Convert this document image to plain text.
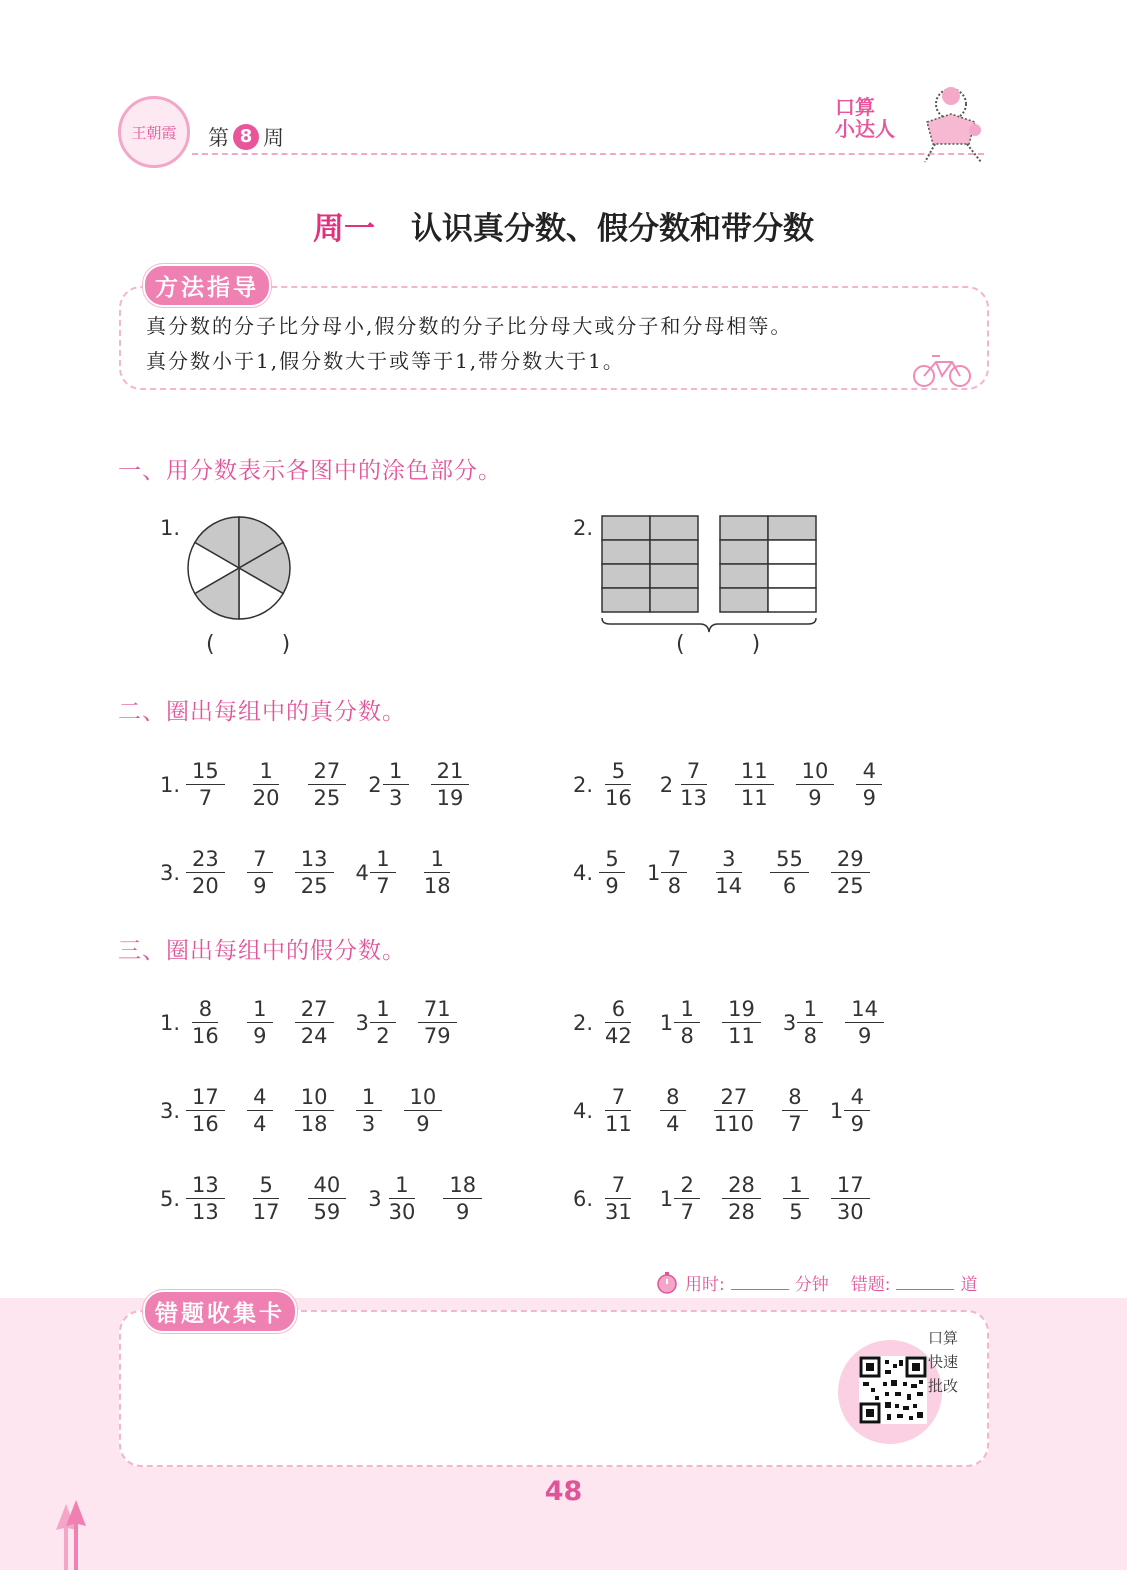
王朝霞 第 8 周
口算
小达人
周一 认识真分数、假分数和带分数
方法指导
真分数的分子比分母小,假分数的分子比分母大或分子和分母相等。
真分数小于1,假分数大于或等于1,带分数大于1。
一、用分数表示各图中的涂色部分。
1.
( )
2.
( )
二、圈出每组中的真分数。
1. $\frac{15}{7} \frac{1}{20} \frac{27}{25} 2 \frac{1}{3} \frac{21}{19}$	2. $\frac{5}{16} 2 \frac{7}{13} \frac{11}{11} \frac{10}{9} \frac{4}{9}$
3. $\frac{23}{20} \frac{7}{9} \frac{13}{25} 4 \frac{1}{7} \frac{1}{18}$	4. $\frac{5}{9} 1 \frac{7}{8} \frac{3}{14} \frac{55}{6} \frac{29}{25}$
三、圈出每组中的假分数。
1. $\frac{8}{16} \frac{1}{9} \frac{27}{24} 3 \frac{1}{2} \frac{71}{79}$	2. $\frac{6}{42} 1 \frac{1}{8} \frac{19}{11} 3 \frac{1}{8} \frac{14}{9}$
3. $\frac{17}{16} \frac{4}{4} \frac{10}{18} \frac{1}{3} \frac{10}{9}$	4. $\frac{7}{11} \frac{8}{4} \frac{27}{110} \frac{8}{7} 1 \frac{4}{9}$
5. $\frac{13}{13} \frac{5}{17} \frac{40}{59} 3 \frac{1}{30} \frac{18}{9}$	6. $\frac{7}{31} 1 \frac{2}{7} \frac{28}{28} \frac{1}{5} \frac{17}{30}$
用时:	分钟 错题:	道
错题收集卡
口算快速批改
48
